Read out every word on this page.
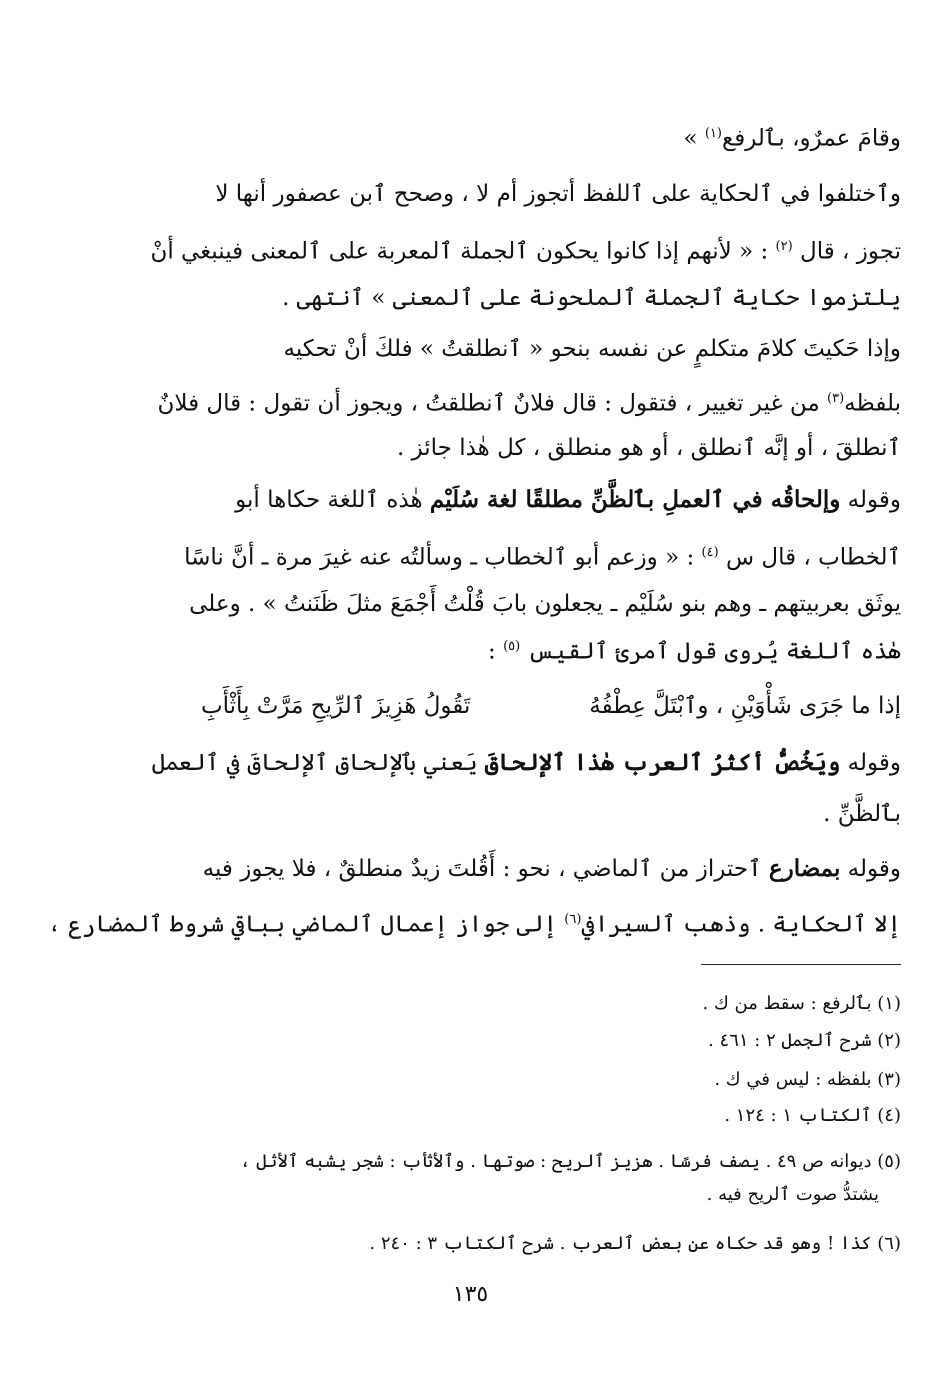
وقامَ عمرٌو، بٱلرفع$^{(١)}$ »

وٱختلفوا في ٱلحكاية على ٱللفظ أتجوز أم لا ، وصحح ٱبن عصفور أنها لا

تجوز ، قال $^{(٢)}$ : « لأنهم إذا كانوا يحكون ٱلجملة ٱلمعربة على ٱلمعنى فينبغي أنْ

يلتزموا حكاية ٱلجملة ٱلملحونة على ٱلمعنى » ٱنتهى .

وإذا حَكيتَ كلامَ متكلمٍ عن نفسه بنحو « ٱنطلقتُ » فلكَ أنْ تحكيه

بلفظه$^{(٣)}$ من غير تغيير ، فتقول : قال فلانٌ ٱنطلقتُ ، ويجوز أن تقول : قال فلانٌ

ٱنطلقَ ، أو إنَّه ٱنطلق ، أو هو منطلق ، كل هٰذا جائز .

وقوله وإلحاقُه في ٱلعملِ بٱلظَّنِّ مطلقًا لغة سُلَيْم هٰذه ٱللغة حكاها أبو

ٱلخطاب ، قال س $^{(٤)}$ : « وزعم أبو ٱلخطاب ـ وسألتُه عنه غيرَ مرة ـ أنَّ ناسًا

يوثَق بعربيتهم ـ وهم بنو سُلَيْم ـ يجعلون بابَ قُلْتُ أَجْمَعَ مثلَ ظَنَنتُ » . وعلى

هٰذه ٱللغة يُروى قول ٱمرئ ٱلقيس $^{(٥)}$ :

إذا ما جَرَى شَأْوَيْنِ ، وٱبْتَلَّ عِطْفُهُ
تَقُولُ هَزِيزَ ٱلرِّيحِ مَرَّتْ بِأَثْأَبِ

وقوله ويَخُصُّ أكثرُ ٱلعرب هٰذا ٱلإلحاقَ يَعني بٱلإلحاق ٱلإلحاقَ في ٱلعمل

بٱلظَّنِّ .

وقوله بمضارع ٱحتراز من ٱلماضي ، نحو : أَقُلتَ زيدٌ منطلقٌ ، فلا يجوز فيه

إلا ٱلحكاية . وذهب ٱلسيرافي$^{(٦)}$ إلى جواز إعمال ٱلماضي بباقي شروط ٱلمضارع ،

(١) بٱلرفع : سقط من ك .

(٢) شرح ٱلجمل ٢ : ٤٦١ .

(٣) بلفظه : ليس في ك .

(٤) ٱلكتاب ١ : ١٢٤ .

(٥) ديوانه ص ٤٩ . يصف فرسًا . هزيز ٱلريح : صوتها . وٱلأثأب : شجر يشبه ٱلأثل ،

يشتدُّ صوت ٱلريح فيه .

(٦) كذا ! وهو قد حكاه عن بعض ٱلعرب . شرح ٱلكتاب ٣ : ٢٤٠ .

١٣٥
